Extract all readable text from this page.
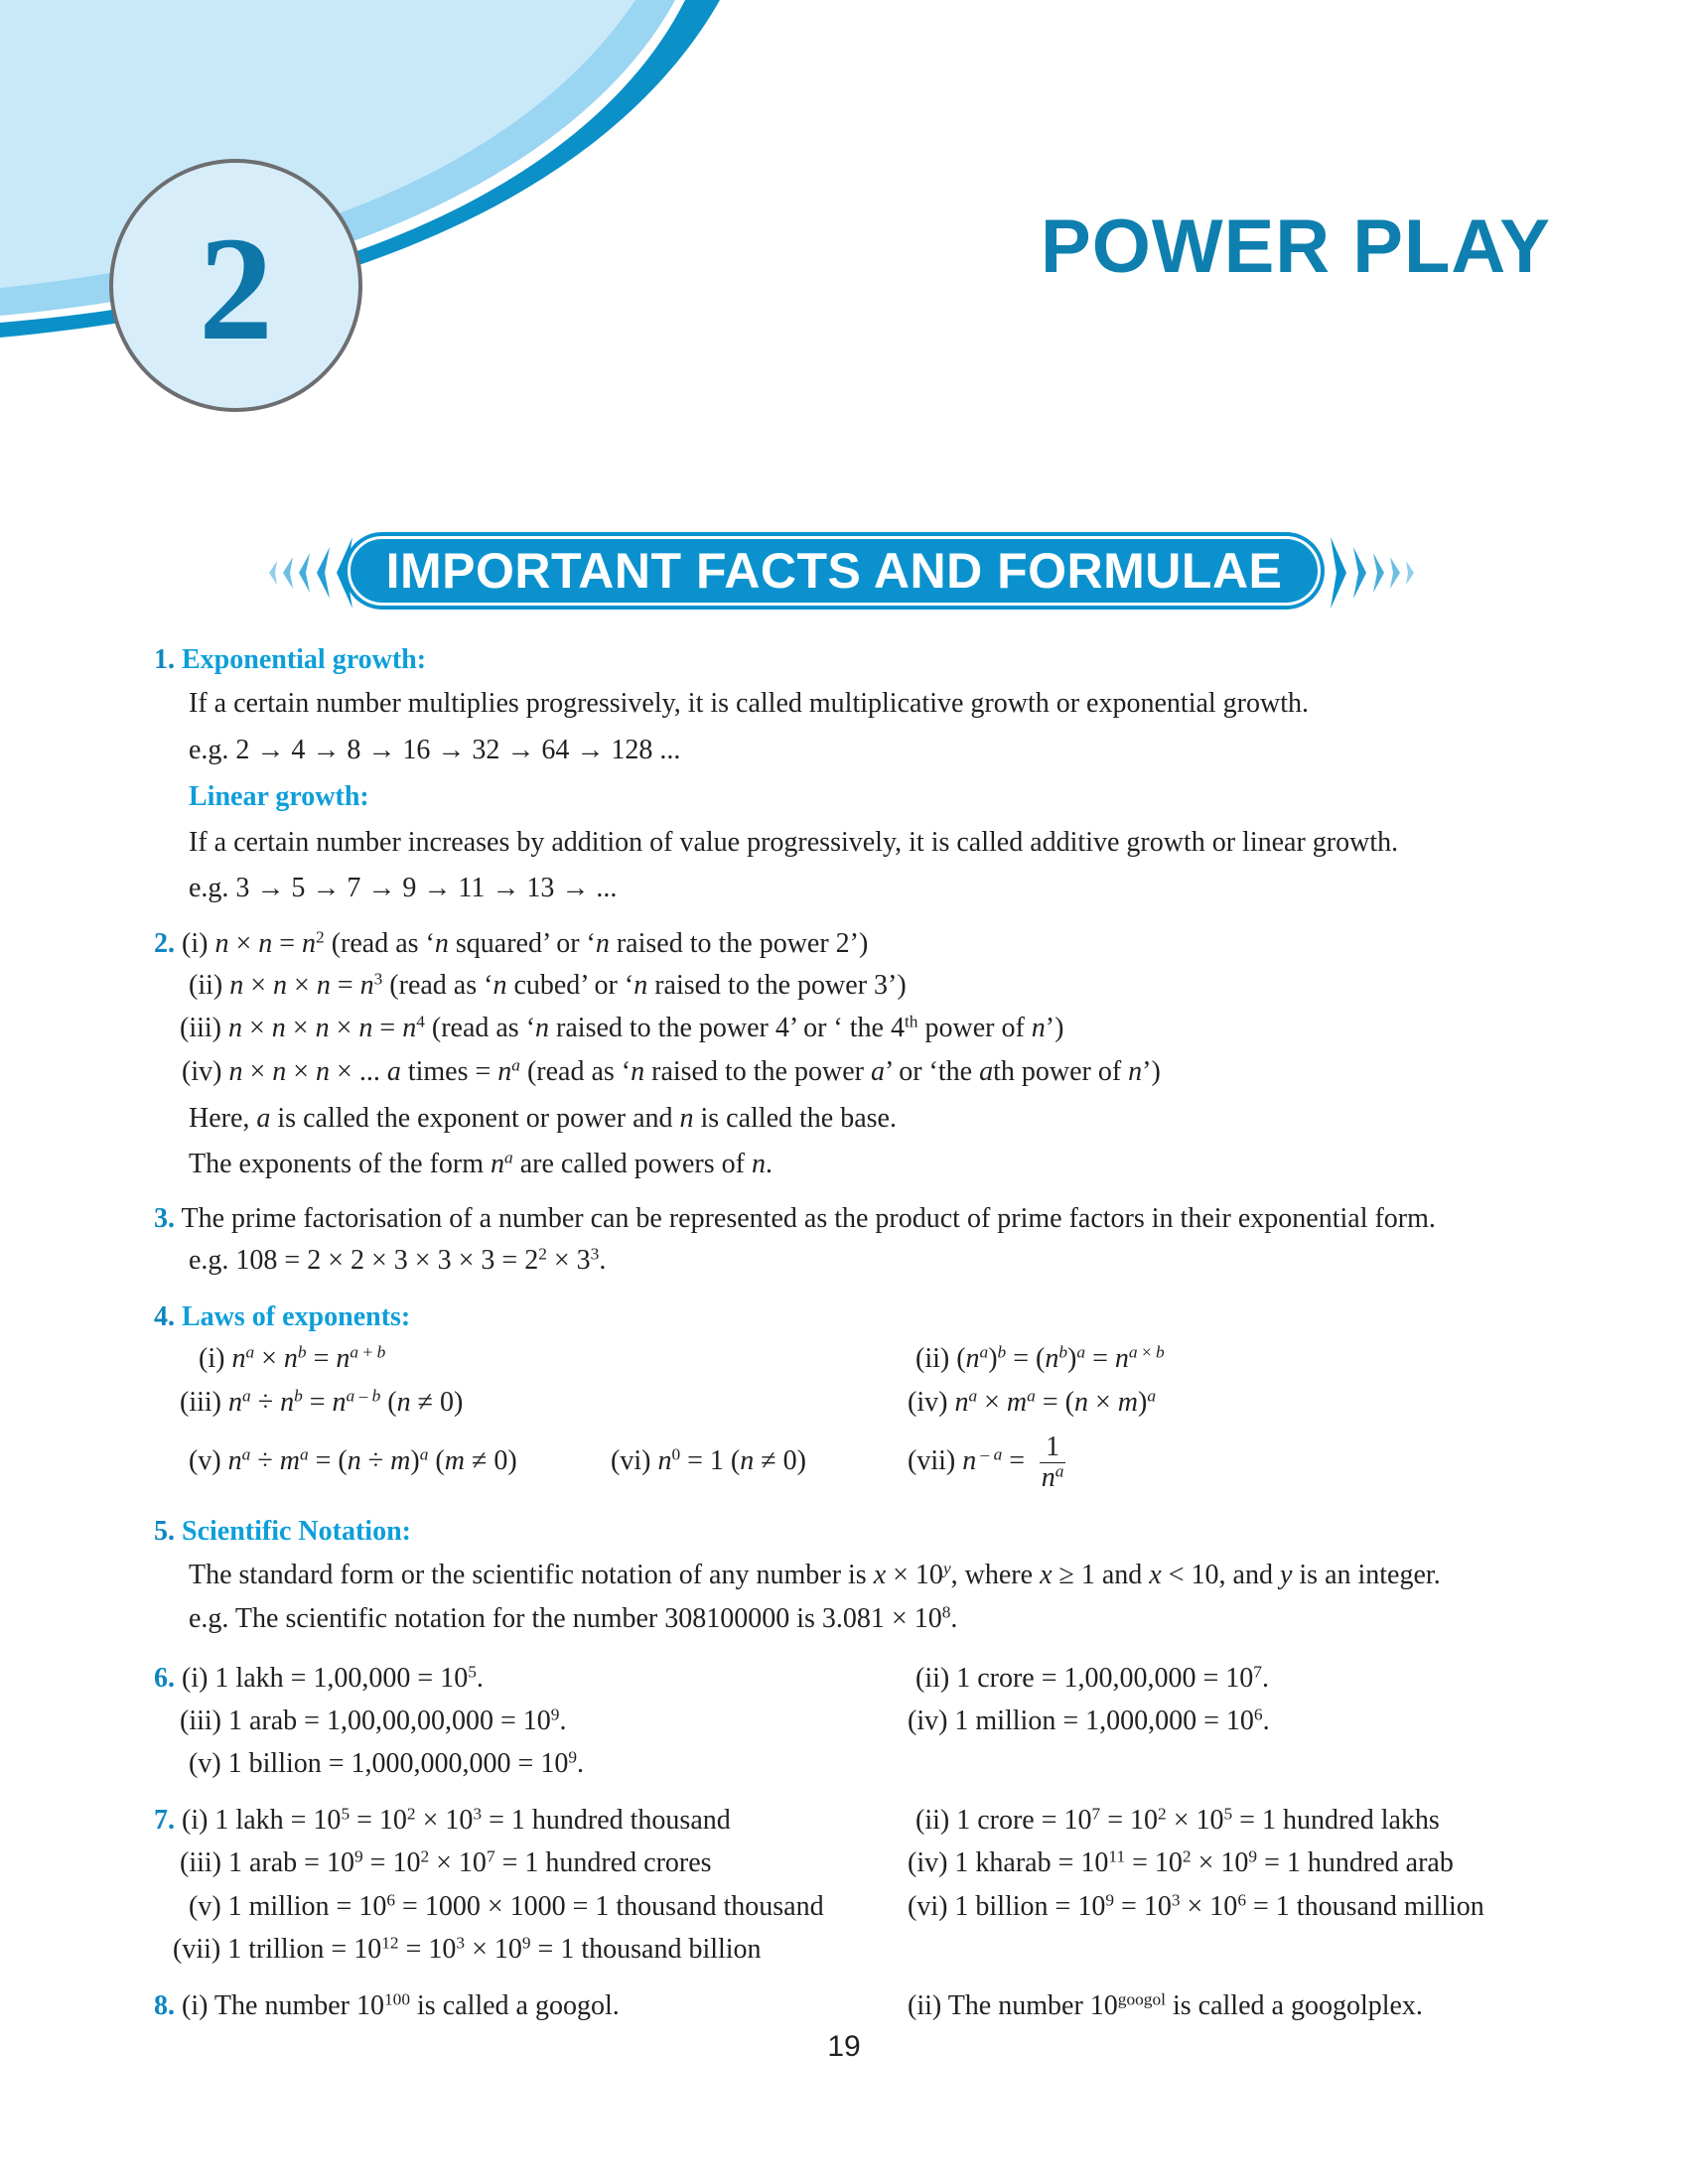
2	POWER PLAY
IMPORTANT FACTS AND FORMULAE
1. Exponential growth:
If a certain number multiplies progressively, it is called multiplicative growth or exponential growth.
e.g. 2 → 4 → 8 → 16 → 32 → 64 → 128 ...
Linear growth:
If a certain number increases by addition of value progressively, it is called additive growth or linear growth.
e.g. 3 → 5 → 7 → 9 → 11 → 13 → ...
2. (i) $n \times n = n^2$ (read as ‘n squared’ or ‘n raised to the power 2’)
(ii) $n \times n \times n = n^3$ (read as ‘n cubed’ or ‘n raised to the power 3’)
(iii) $n \times n \times n \times n = n^4$ (read as ‘n raised to the power 4’ or ‘ the 4th power of n’)
(iv) n × n × n × ... a times = $n^a$ (read as ‘n raised to the power a’ or ‘the ath power of n’)
Here, a is called the exponent or power and n is called the base.
The exponents of the form $n^a$ are called powers of n.
3. The prime factorisation of a number can be represented as the product of prime factors in their exponential form.
e.g. $108 = 2 \times 2 \times 3 \times 3 \times 3 = 2^2 \times 3^3$.
4. Laws of exponents:
(i) $n^a \times n^b = n^{a + b}$	(ii) $(n^a)^b = (n^b)^a = n^{a \times b}$
(iii) $n^a \div n^b = n^{a - b}$ (n ≠ 0)	(iv) $n^a \times m^a = (n \times m)^a$
(v) $n^a \div m^a = (n \div m)^a$ (m ≠ 0)	(vi) $n^0 = 1$ (n ≠ 0)	(vii) n $^{- a} = \frac{1}{n^a}$
5. Scientific Notation:
The standard form or the scientific notation of any number is $x \times 10^y$, where x ≥ 1 and x < 10, and y is an integer.
e.g. The scientific notation for the number 308100000 is $3.081 \times 10^8$.
6. (i) 1 lakh = $1,00,000 = 10^5$.	(ii) 1 crore = $1,00,00,000 = 10^7$.
(iii) 1 arab = $1,00,00,00,000 = 10^9$.	(iv) 1 million = $1,000,000 = 10^6$.
(v) 1 billion = $1,000,000,000 = 10^9$.
7. (i) 1 lakh = $10^5 = 10^2 \times 10^3 = 1$ hundred thousand	(ii) 1 crore = $10^7 = 10^2 \times 10^5 = 1$ hundred lakhs
(iii) 1 arab = $10^9 = 10^2 \times 10^7 = 1$ hundred crores	(iv) 1 kharab = $10^{11} = 10^2 \times 10^9 = 1$ hundred arab
(v) 1 million = $10^6 = 1000 \times 1000 = 1$ thousand thousand	(vi) 1 billion = $10^9 = 10^3 \times 10^6 = 1$ thousand million
(vii) 1 trillion = $10^{12} = 10^3 \times 10^9 = 1$ thousand billion
8. (i) The number $10^{100}$ is called a googol.	(ii) The number $10^{googol}$ is called a googolplex.
19
